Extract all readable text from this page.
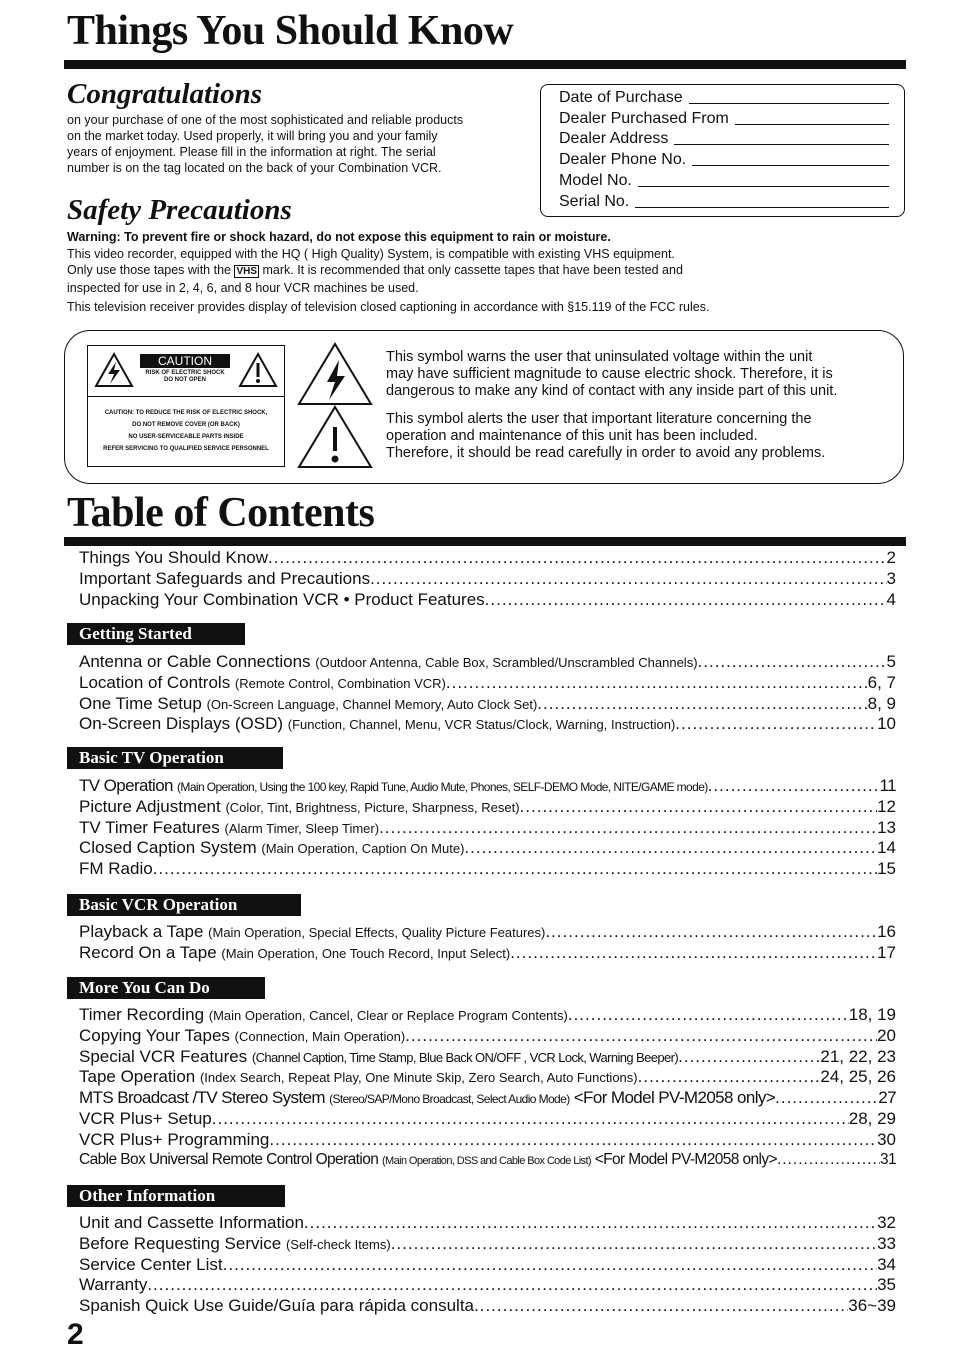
Things You Should Know
Congratulations
on your purchase of one of the most sophisticated and reliable products
on the market today. Used properly, it will bring you and your family
years of enjoyment. Please fill in the information at right. The serial
number is on the tag located on the back of your Combination VCR.
Date of Purchase
Dealer Purchased From
Dealer Address
Dealer Phone No.
Model No.
Serial No.
Safety Precautions
Warning: To prevent fire or shock hazard, do not expose this equipment to rain or moisture.
This video recorder, equipped with the HQ ( High Quality) System, is compatible with existing VHS equipment.
Only use those tapes with the VHS mark. It is recommended that only cassette tapes that have been tested and
inspected for use in 2, 4, 6, and 8 hour VCR machines be used.
This television receiver provides display of television closed captioning in accordance with §15.119 of the FCC rules.
CAUTION
RISK OF ELECTRIC SHOCK
DO NOT OPEN
CAUTION: TO REDUCE THE RISK OF ELECTRIC SHOCK,
DO NOT REMOVE COVER (OR BACK)
NO USER-SERVICEABLE PARTS INSIDE
REFER SERVICING TO QUALIFIED SERVICE PERSONNEL
This symbol warns the user that uninsulated voltage within the unit
may have sufficient magnitude to cause electric shock. Therefore, it is
dangerous to make any kind of contact with any inside part of this unit.
This symbol alerts the user that important literature concerning the
operation and maintenance of this unit has been included.
Therefore, it should be read carefully in order to avoid any problems.
Table of Contents
Things You Should Know .....	2
Important Safeguards and Precautions .....	3
Unpacking Your Combination VCR • Product Features .....	4
Getting Started
Antenna or Cable Connections (Outdoor Antenna, Cable Box, Scrambled/Unscrambled Channels) .....	5
Location of Controls (Remote Control, Combination VCR) .....	6, 7
One Time Setup (On-Screen Language, Channel Memory, Auto Clock Set) .....	8, 9
On-Screen Displays (OSD) (Function, Channel, Menu, VCR Status/Clock, Warning, Instruction) .....	10
Basic TV Operation
TV Operation (Main Operation, Using the 100 key, Rapid Tune, Audio Mute, Phones, SELF-DEMO Mode, NITE/GAME mode) .....	11
Picture Adjustment (Color, Tint, Brightness, Picture, Sharpness, Reset) .....	12
TV Timer Features (Alarm Timer, Sleep Timer) .....	13
Closed Caption System (Main Operation, Caption On Mute) .....	14
FM Radio .....	15
Basic VCR Operation
Playback a Tape (Main Operation, Special Effects, Quality Picture Features) .....	16
Record On a Tape (Main Operation, One Touch Record, Input Select) .....	17
More You Can Do
Timer Recording (Main Operation, Cancel, Clear or Replace Program Contents) .....	18, 19
Copying Your Tapes (Connection, Main Operation) .....	20
Special VCR Features (Channel Caption, Time Stamp, Blue Back ON/OFF , VCR Lock, Warning Beeper) .....	21, 22, 23
Tape Operation (Index Search, Repeat Play, One Minute Skip, Zero Search, Auto Functions) .....	24, 25, 26
MTS Broadcast /TV Stereo System (Stereo/SAP/Mono Broadcast, Select Audio Mode) <For Model PV-M2058 only> .....	27
VCR Plus+ Setup .....	28, 29
VCR Plus+ Programming .....	30
Cable Box Universal Remote Control Operation (Main Operation, DSS and Cable Box Code List) <For Model PV-M2058 only> .....	31
Other Information
Unit and Cassette Information .....	32
Before Requesting Service (Self-check Items) .....	33
Service Center List .....	34
Warranty .....	35
Spanish Quick Use Guide/Guía para rápida consulta .....	36~39
2
